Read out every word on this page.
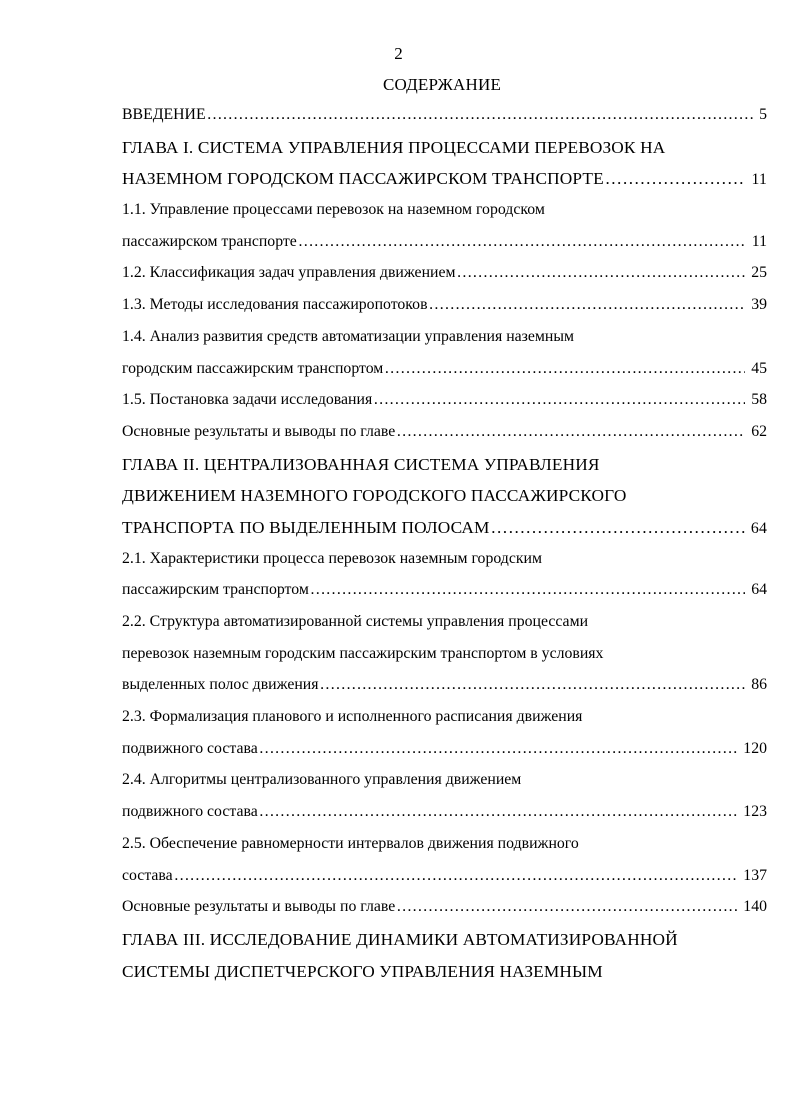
2
СОДЕРЖАНИЕ
ВВЕДЕНИЕ ……………………………………………………………………………………………………………………………………………………………………………………	5
ГЛАВА I. СИСТЕМА УПРАВЛЕНИЯ ПРОЦЕССАМИ ПЕРЕВОЗОК НА
НАЗЕМНОМ ГОРОДСКОМ ПАССАЖИРСКОМ ТРАНСПОРТЕ ……………………………………………………………………………………………………………………………………………………………………………………	11
1.1. Управление процессами перевозок на наземном городском
пассажирском транспорте ……………………………………………………………………………………………………………………………………………………………………………………	11
1.2. Классификация задач управления движением ……………………………………………………………………………………………………………………………………………………………………………………	25
1.3. Методы исследования пассажиропотоков ……………………………………………………………………………………………………………………………………………………………………………………	39
1.4. Анализ развития средств автоматизации управления наземным
городским пассажирским транспортом ……………………………………………………………………………………………………………………………………………………………………………………	45
1.5. Постановка задачи исследования ……………………………………………………………………………………………………………………………………………………………………………………	58
Основные результаты и выводы по главе ……………………………………………………………………………………………………………………………………………………………………………………	62
ГЛАВА II. ЦЕНТРАЛИЗОВАННАЯ СИСТЕМА УПРАВЛЕНИЯ
ДВИЖЕНИЕМ НАЗЕМНОГО ГОРОДСКОГО ПАССАЖИРСКОГО
ТРАНСПОРТА ПО ВЫДЕЛЕННЫМ ПОЛОСАМ ……………………………………………………………………………………………………………………………………………………………………………………	64
2.1. Характеристики процесса перевозок наземным городским
пассажирским транспортом ……………………………………………………………………………………………………………………………………………………………………………………	64
2.2. Структура автоматизированной системы управления процессами
перевозок наземным городским пассажирским транспортом в условиях
выделенных полос движения ……………………………………………………………………………………………………………………………………………………………………………………	86
2.3. Формализация планового и исполненного расписания движения
подвижного состава ……………………………………………………………………………………………………………………………………………………………………………………	120
2.4. Алгоритмы централизованного управления движением
подвижного состава ……………………………………………………………………………………………………………………………………………………………………………………	123
2.5. Обеспечение равномерности интервалов движения подвижного
состава ……………………………………………………………………………………………………………………………………………………………………………………	137
Основные результаты и выводы по главе ……………………………………………………………………………………………………………………………………………………………………………………	140
ГЛАВА III. ИССЛЕДОВАНИЕ ДИНАМИКИ АВТОМАТИЗИРОВАННОЙ
СИСТЕМЫ ДИСПЕТЧЕРСКОГО УПРАВЛЕНИЯ НАЗЕМНЫМ
